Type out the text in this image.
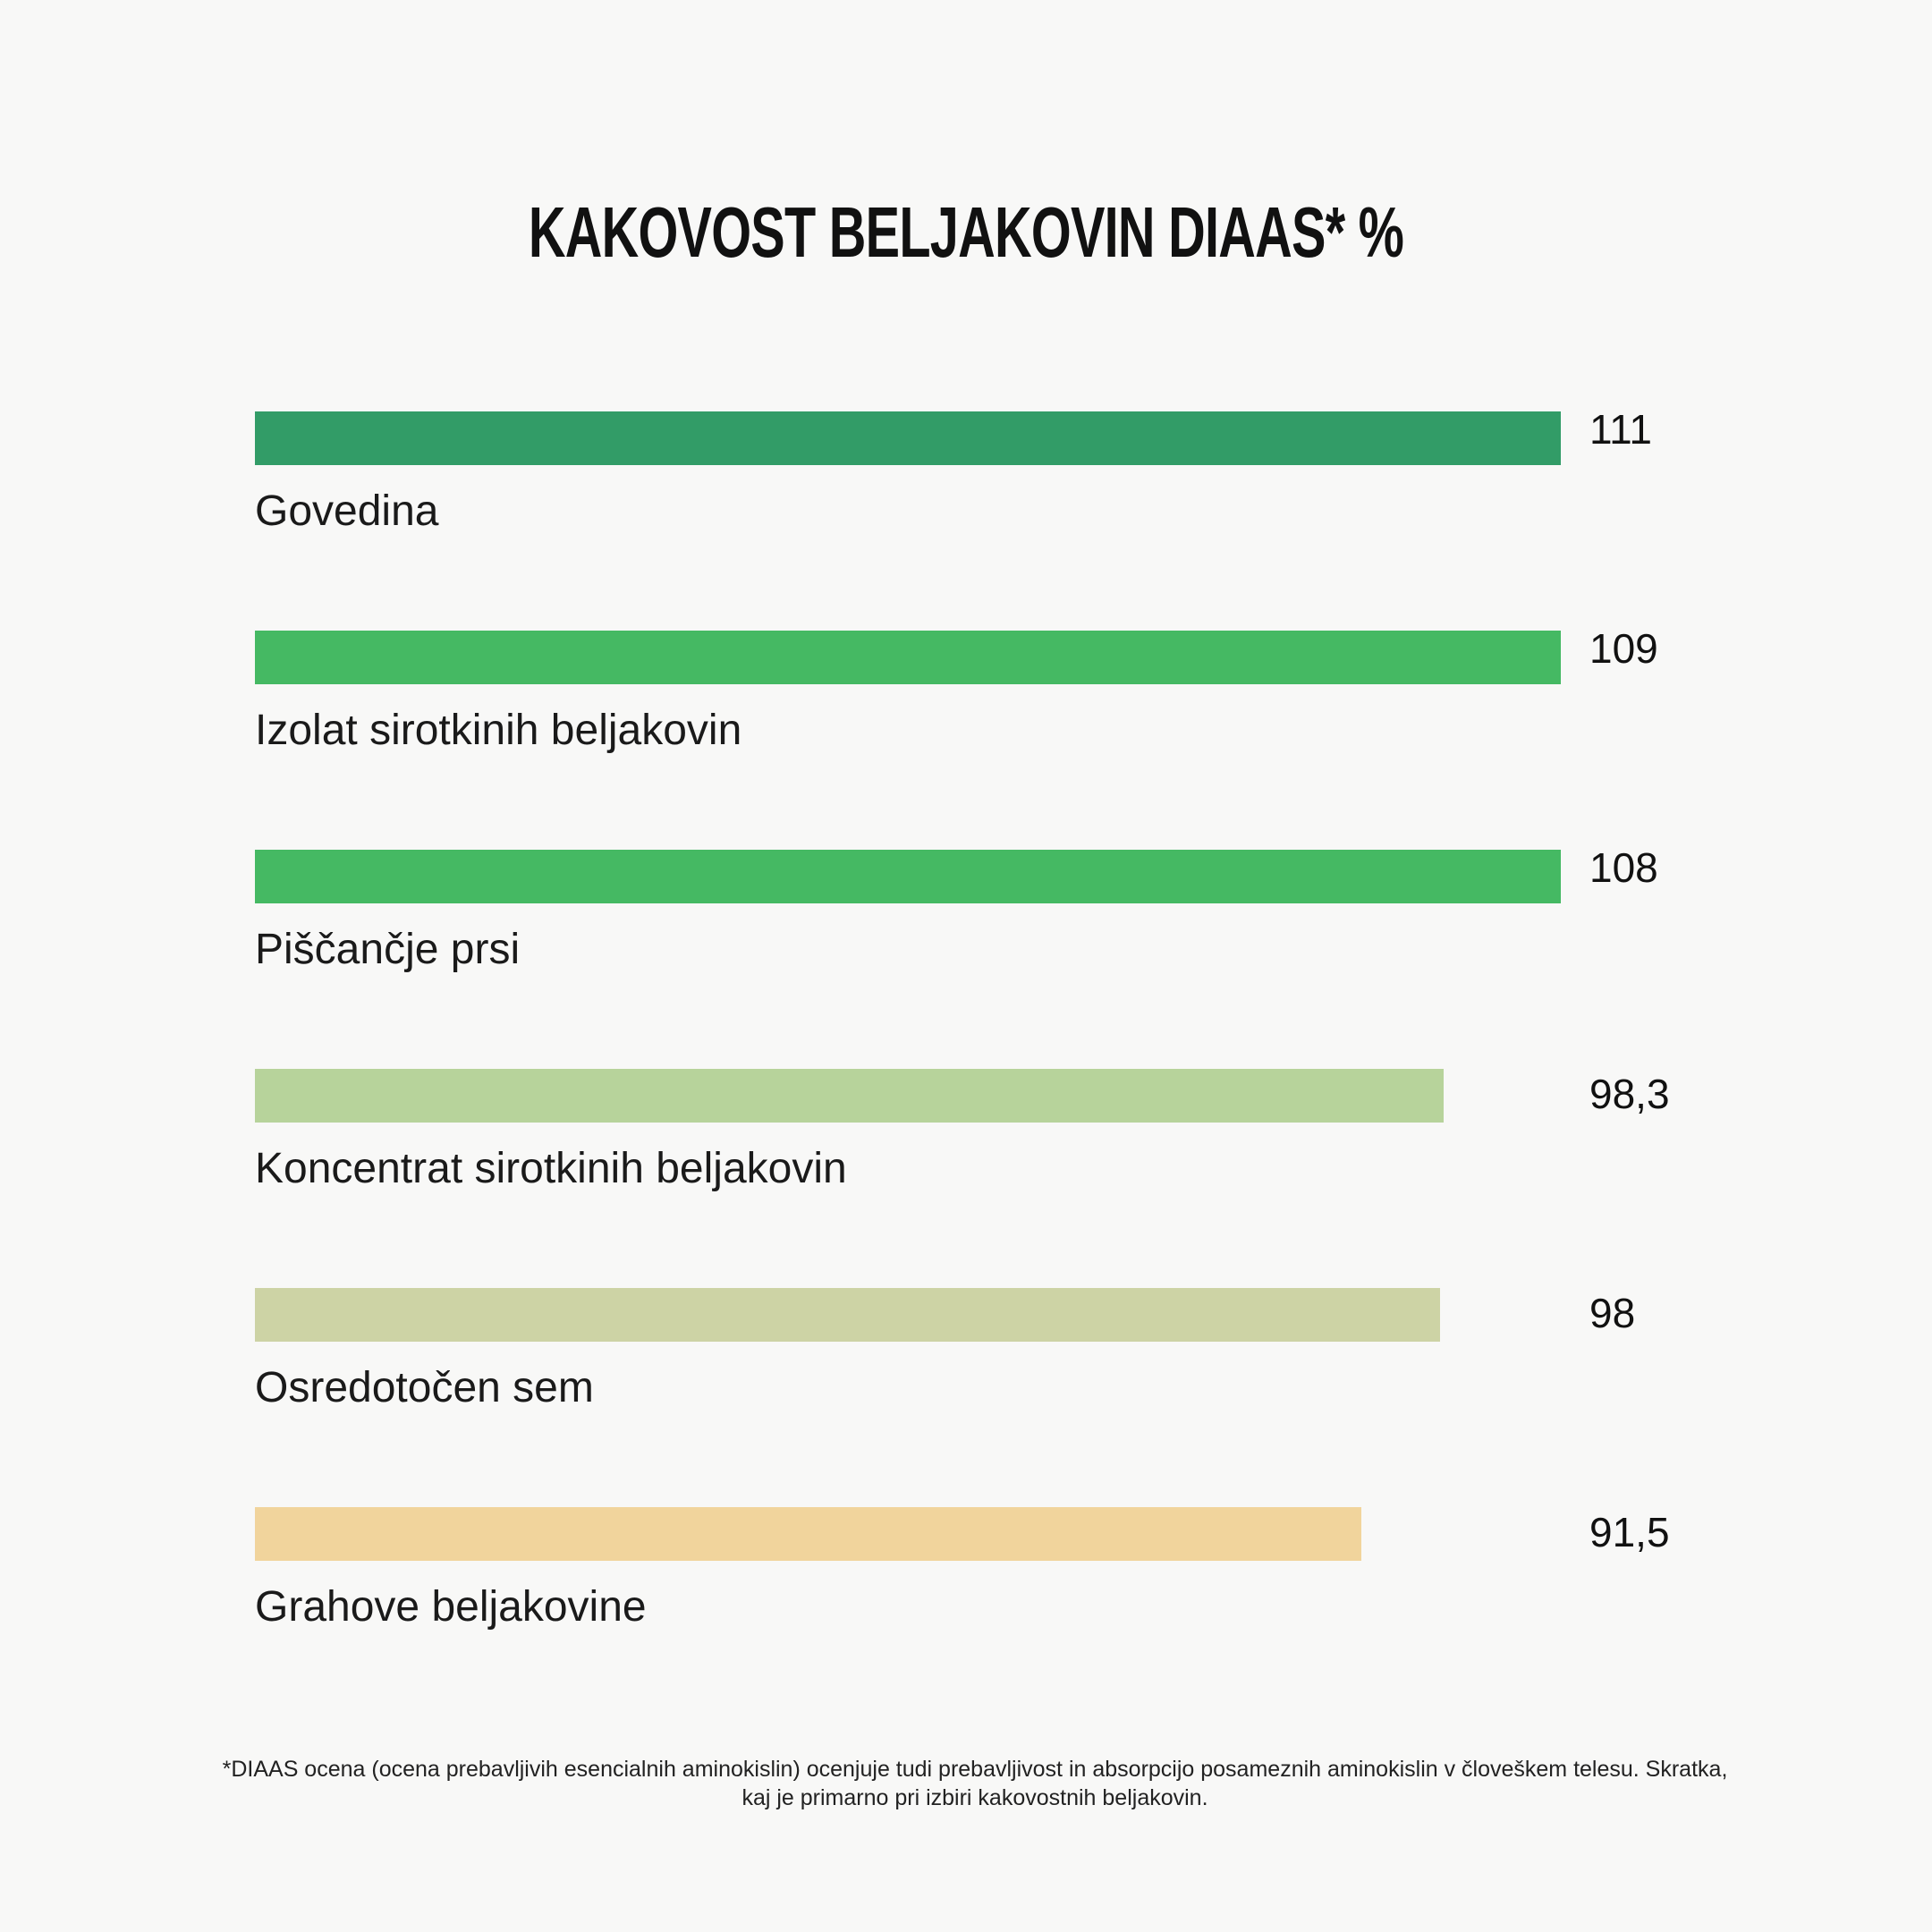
KAKOVOST BELJAKOVIN DIAAS* %
111
Govedina
109
Izolat sirotkinih beljakovin
108
Piščančje prsi
98,3
Koncentrat sirotkinih beljakovin
98
Osredotočen sem
91,5
Grahove beljakovine

*DIAAS ocena (ocena prebavljivih esencialnih aminokislin) ocenjuje tudi prebavljivost in absorpcijo posameznih aminokislin v človeškem telesu. Skratka, kaj je primarno pri izbiri kakovostnih beljakovin.
